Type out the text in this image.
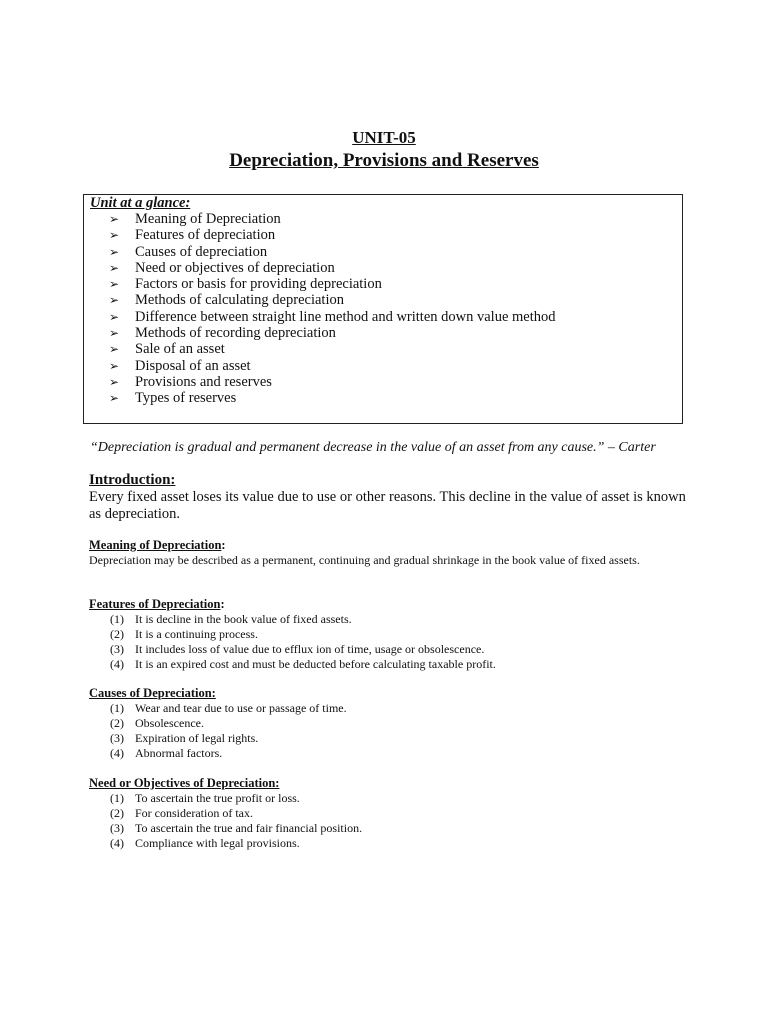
UNIT-05
Depreciation, Provisions and Reserves
Unit at a glance:
➢ Meaning of Depreciation
➢ Features of depreciation
➢ Causes of depreciation
➢ Need or objectives of depreciation
➢ Factors or basis for providing depreciation
➢ Methods of calculating depreciation
➢ Difference between straight line method and written down value method
➢ Methods of recording depreciation
➢ Sale of an asset
➢ Disposal of an asset
➢ Provisions and reserves
➢ Types of reserves
“Depreciation is gradual and permanent decrease in the value of an asset from any cause.” – Carter
Introduction:
Every fixed asset loses its value due to use or other reasons. This decline in the value of asset is known as depreciation.
Meaning of Depreciation:
Depreciation may be described as a permanent, continuing and gradual shrinkage in the book value of fixed assets.
Features of Depreciation:
(1) It is decline in the book value of fixed assets.
(2) It is a continuing process.
(3) It includes loss of value due to efflux ion of time, usage or obsolescence.
(4) It is an expired cost and must be deducted before calculating taxable profit.
Causes of Depreciation:
(1) Wear and tear due to use or passage of time.
(2) Obsolescence.
(3) Expiration of legal rights.
(4) Abnormal factors.
Need or Objectives of Depreciation:
(1) To ascertain the true profit or loss.
(2) For consideration of tax.
(3) To ascertain the true and fair financial position.
(4) Compliance with legal provisions.
